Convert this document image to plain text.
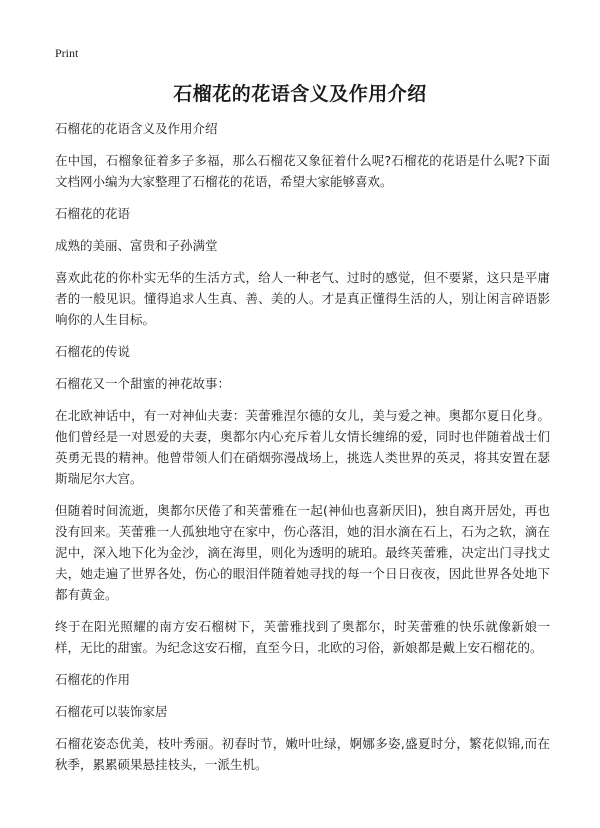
Print
石榴花的花语含义及作用介绍

石榴花的花语含义及作用介绍

在中国，石榴象征着多子多福，那么石榴花又象征着什么呢?石榴花的花语是什么呢?下面文档网小编为大家整理了石榴花的花语，希望大家能够喜欢。

石榴花的花语

成熟的美丽、富贵和子孙满堂

喜欢此花的你朴实无华的生活方式，给人一种老气、过时的感觉，但不要紧，这只是平庸者的一般见识。懂得追求人生真、善、美的人。才是真正懂得生活的人，别让闲言碎语影响你的人生目标。

石榴花的传说

石榴花又一个甜蜜的神花故事：

在北欧神话中，有一对神仙夫妻：芙蕾雅涅尔德的女儿，美与爱之神。奥都尔夏日化身。他们曾经是一对恩爱的夫妻，奥都尔内心充斥着儿女情长缠绵的爱，同时也伴随着战士们英勇无畏的精神。他曾带领人们在硝烟弥漫战场上，挑选人类世界的英灵，将其安置在瑟斯瑞尼尔大宫。

但随着时间流逝，奥都尔厌倦了和芙蕾雅在一起(神仙也喜新厌旧)，独自离开居处，再也没有回来。芙蕾雅一人孤独地守在家中，伤心落泪，她的泪水滴在石上，石为之软，滴在泥中，深入地下化为金沙，滴在海里，则化为透明的琥珀。最终芙蕾雅，决定出门寻找丈夫，她走遍了世界各处，伤心的眼泪伴随着她寻找的每一个日日夜夜，因此世界各处地下都有黄金。

终于在阳光照耀的南方安石榴树下，芙蕾雅找到了奥都尔，时芙蕾雅的快乐就像新娘一样，无比的甜蜜。为纪念这安石榴，直至今日，北欧的习俗，新娘都是戴上安石榴花的。

石榴花的作用

石榴花可以装饰家居

石榴花姿态优美，枝叶秀丽。初春时节，嫩叶吐绿，婀娜多姿,盛夏时分，繁花似锦,而在秋季，累累硕果悬挂枝头，一派生机。
